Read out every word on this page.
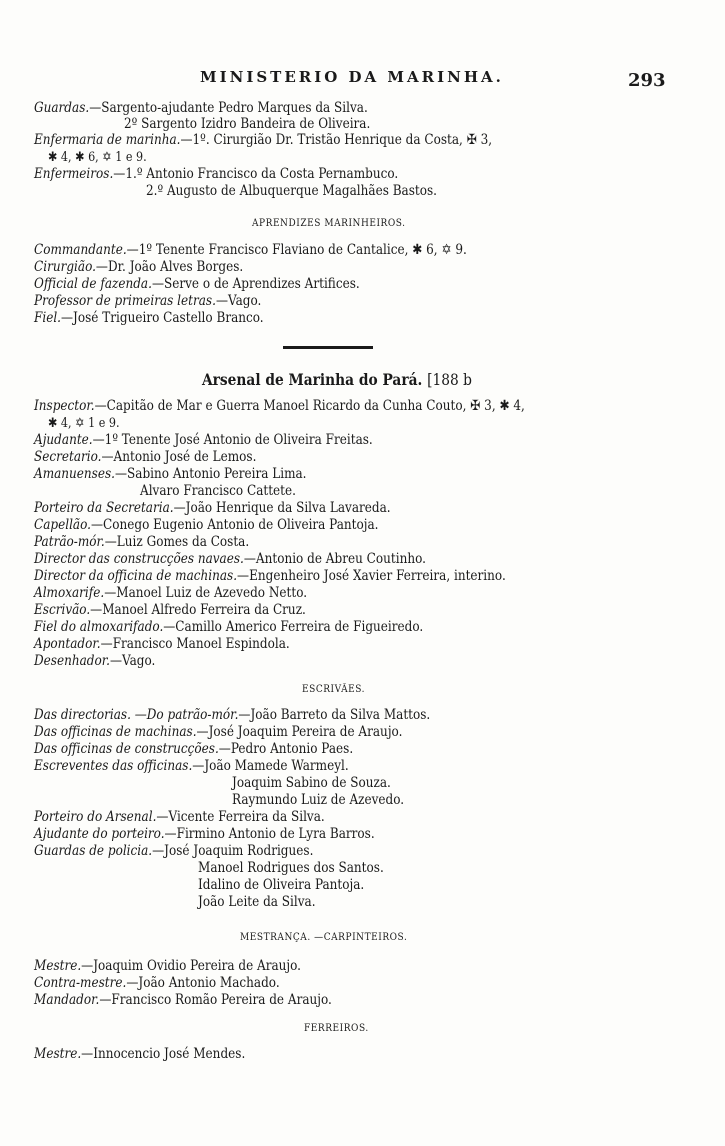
MINISTERIO DA MARINHA.	293
Guardas.—Sargento-ajudante Pedro Marques da Silva.
2º Sargento Izidro Bandeira de Oliveira.
Enfermaria de marinha.—1º. Cirurgião Dr. Tristão Henrique da Costa, ✠ 3,
✱ 4, ✱ 6, ✡ 1 e 9.
Enfermeiros.—1.º Antonio Francisco da Costa Pernambuco.
2.º Augusto de Albuquerque Magalhães Bastos.
APRENDIZES MARINHEIROS.
Commandante.—1º Tenente Francisco Flaviano de Cantalice, ✱ 6, ✡ 9.
Cirurgião.—Dr. João Alves Borges.
Official de fazenda.—Serve o de Aprendizes Artifices.
Professor de primeiras letras.—Vago.
Fiel.—José Trigueiro Castello Branco.
Arsenal de Marinha do Pará. [188 b
Inspector.—Capitão de Mar e Guerra Manoel Ricardo da Cunha Couto, ✠ 3, ✱ 4,
✱ 4, ✡ 1 e 9.
Ajudante.—1º Tenente José Antonio de Oliveira Freitas.
Secretario.—Antonio José de Lemos.
Amanuenses.—Sabino Antonio Pereira Lima.
Alvaro Francisco Cattete.
Porteiro da Secretaria.—João Henrique da Silva Lavareda.
Capellão.—Conego Eugenio Antonio de Oliveira Pantoja.
Patrão-mór.—Luiz Gomes da Costa.
Director das construcções navaes.—Antonio de Abreu Coutinho.
Director da officina de machinas.—Engenheiro José Xavier Ferreira, interino.
Almoxarife.—Manoel Luiz de Azevedo Netto.
Escrivão.—Manoel Alfredo Ferreira da Cruz.
Fiel do almoxarifado.—Camillo Americo Ferreira de Figueiredo.
Apontador.—Francisco Manoel Espindola.
Desenhador.—Vago.
ESCRIVÃES.
Das directorias. —Do patrão-mór.—João Barreto da Silva Mattos.
Das officinas de machinas.—José Joaquim Pereira de Araujo.
Das officinas de construcções.—Pedro Antonio Paes.
Escreventes das officinas.—João Mamede Warmeyl.
Joaquim Sabino de Souza.
Raymundo Luiz de Azevedo.
Porteiro do Arsenal.—Vicente Ferreira da Silva.
Ajudante do porteiro.—Firmino Antonio de Lyra Barros.
Guardas de policia.—José Joaquim Rodrigues.
Manoel Rodrigues dos Santos.
Idalino de Oliveira Pantoja.
João Leite da Silva.
MESTRANÇA. —CARPINTEIROS.
Mestre.—Joaquim Ovidio Pereira de Araujo.
Contra-mestre.—João Antonio Machado.
Mandador.—Francisco Romão Pereira de Araujo.
FERREIROS.
Mestre.—Innocencio José Mendes.
